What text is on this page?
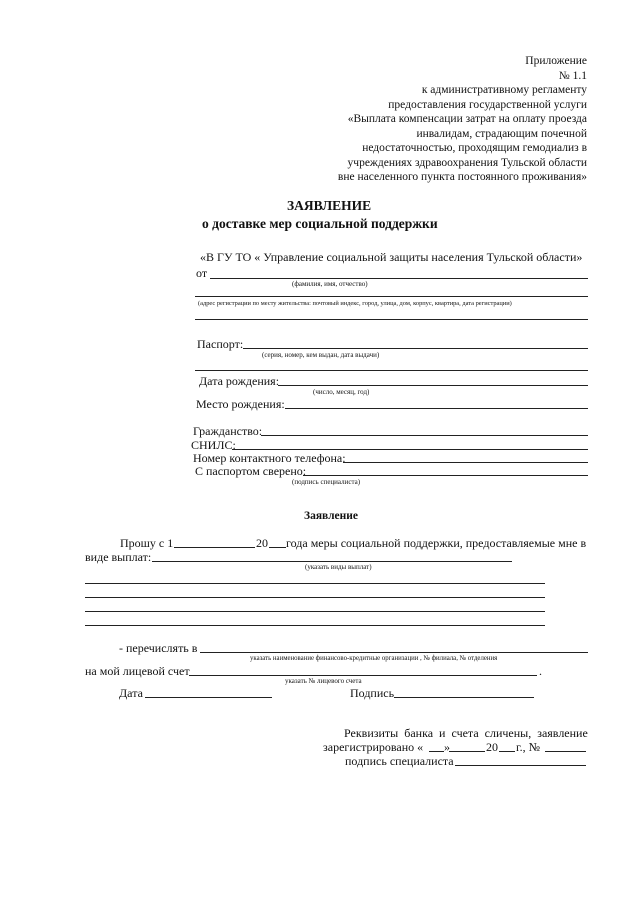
Приложение
№ 1.1
к административному регламенту
предоставления государственной услуги
«Выплата компенсации затрат на оплату проезда
инвалидам, страдающим почечной
недостаточностью, проходящим гемодиализ в
учреждениях здравоохранения Тульской области
вне населенного пункта постоянного проживания»
ЗАЯВЛЕНИЕ
о доставке мер социальной поддержки
«В ГУ ТО « Управление социальной защиты населения Тульской области»
от
(фамилия, имя, отчество)
(адрес регистрации по месту жительства: почтовый индекс, город, улица, дом, корпус, квартира, дата регистрации)
Паспорт:
(серия, номер, кем выдан, дата выдачи)
Дата рождения:
(число, месяц, год)
Место рождения:
Гражданство:
СНИЛС:
Номер контактного телефона:
С паспортом сверено:
(подпись специалиста)
Заявление
Прошу с 1	20 года меры социальной поддержки, предоставляемые мне в
виде выплат:
(указать виды выплат)
- перечислять в
указать наименование финансово-кредитные организации , № филиала, № отделения
на мой лицевой счет	.
указать № лицевого счета
Дата	Подпись
Реквизиты банка и счета сличены, заявление
зарегистрировано « »	20 г., №
подпись специалиста
